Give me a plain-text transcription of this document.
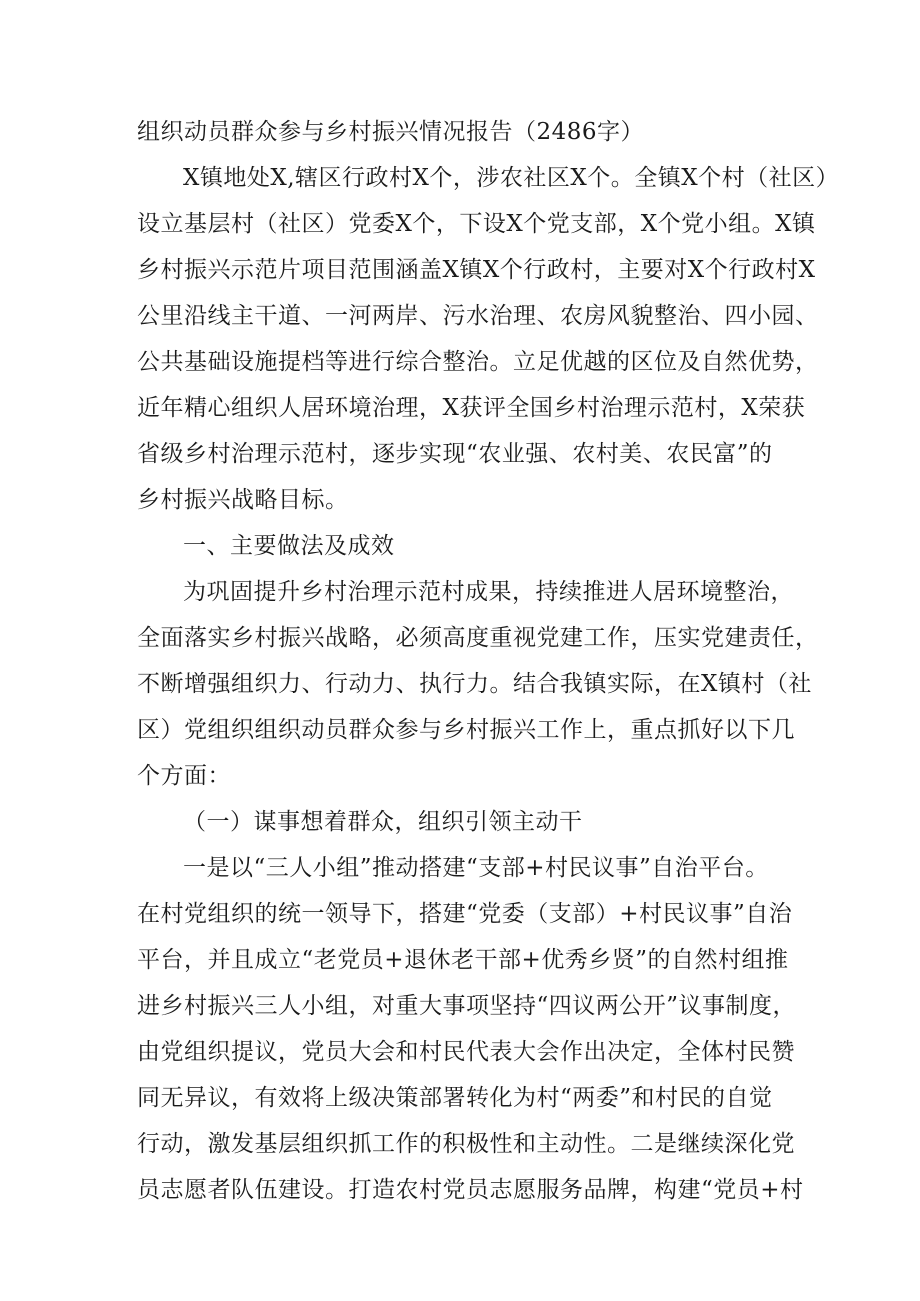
组织动员群众参与乡村振兴情况报告（2486字）
X镇地处X,辖区行政村X个，涉农社区X个。全镇X个村（社区）
设立基层村（社区）党委X个，下设X个党支部，X个党小组。X镇
乡村振兴示范片项目范围涵盖X镇X个行政村，主要对X个行政村X
公里沿线主干道、一河两岸、污水治理、农房风貌整治、四小园、
公共基础设施提档等进行综合整治。立足优越的区位及自然优势，
近年精心组织人居环境治理，X获评全国乡村治理示范村，X荣获
省级乡村治理示范村，逐步实现“农业强、农村美、农民富”的
乡村振兴战略目标。
一、主要做法及成效
为巩固提升乡村治理示范村成果，持续推进人居环境整治，
全面落实乡村振兴战略，必须高度重视党建工作，压实党建责任，
不断增强组织力、行动力、执行力。结合我镇实际，在X镇村（社
区）党组织组织动员群众参与乡村振兴工作上，重点抓好以下几
个方面：
（一）谋事想着群众，组织引领主动干
一是以“三人小组”推动搭建“支部+村民议事”自治平台。
在村党组织的统一领导下，搭建“党委（支部）+村民议事”自治
平台，并且成立“老党员+退休老干部+优秀乡贤”的自然村组推
进乡村振兴三人小组，对重大事项坚持“四议两公开”议事制度，
由党组织提议，党员大会和村民代表大会作出决定，全体村民赞
同无异议，有效将上级决策部署转化为村“两委”和村民的自觉
行动，激发基层组织抓工作的积极性和主动性。二是继续深化党
员志愿者队伍建设。打造农村党员志愿服务品牌，构建“党员+村
